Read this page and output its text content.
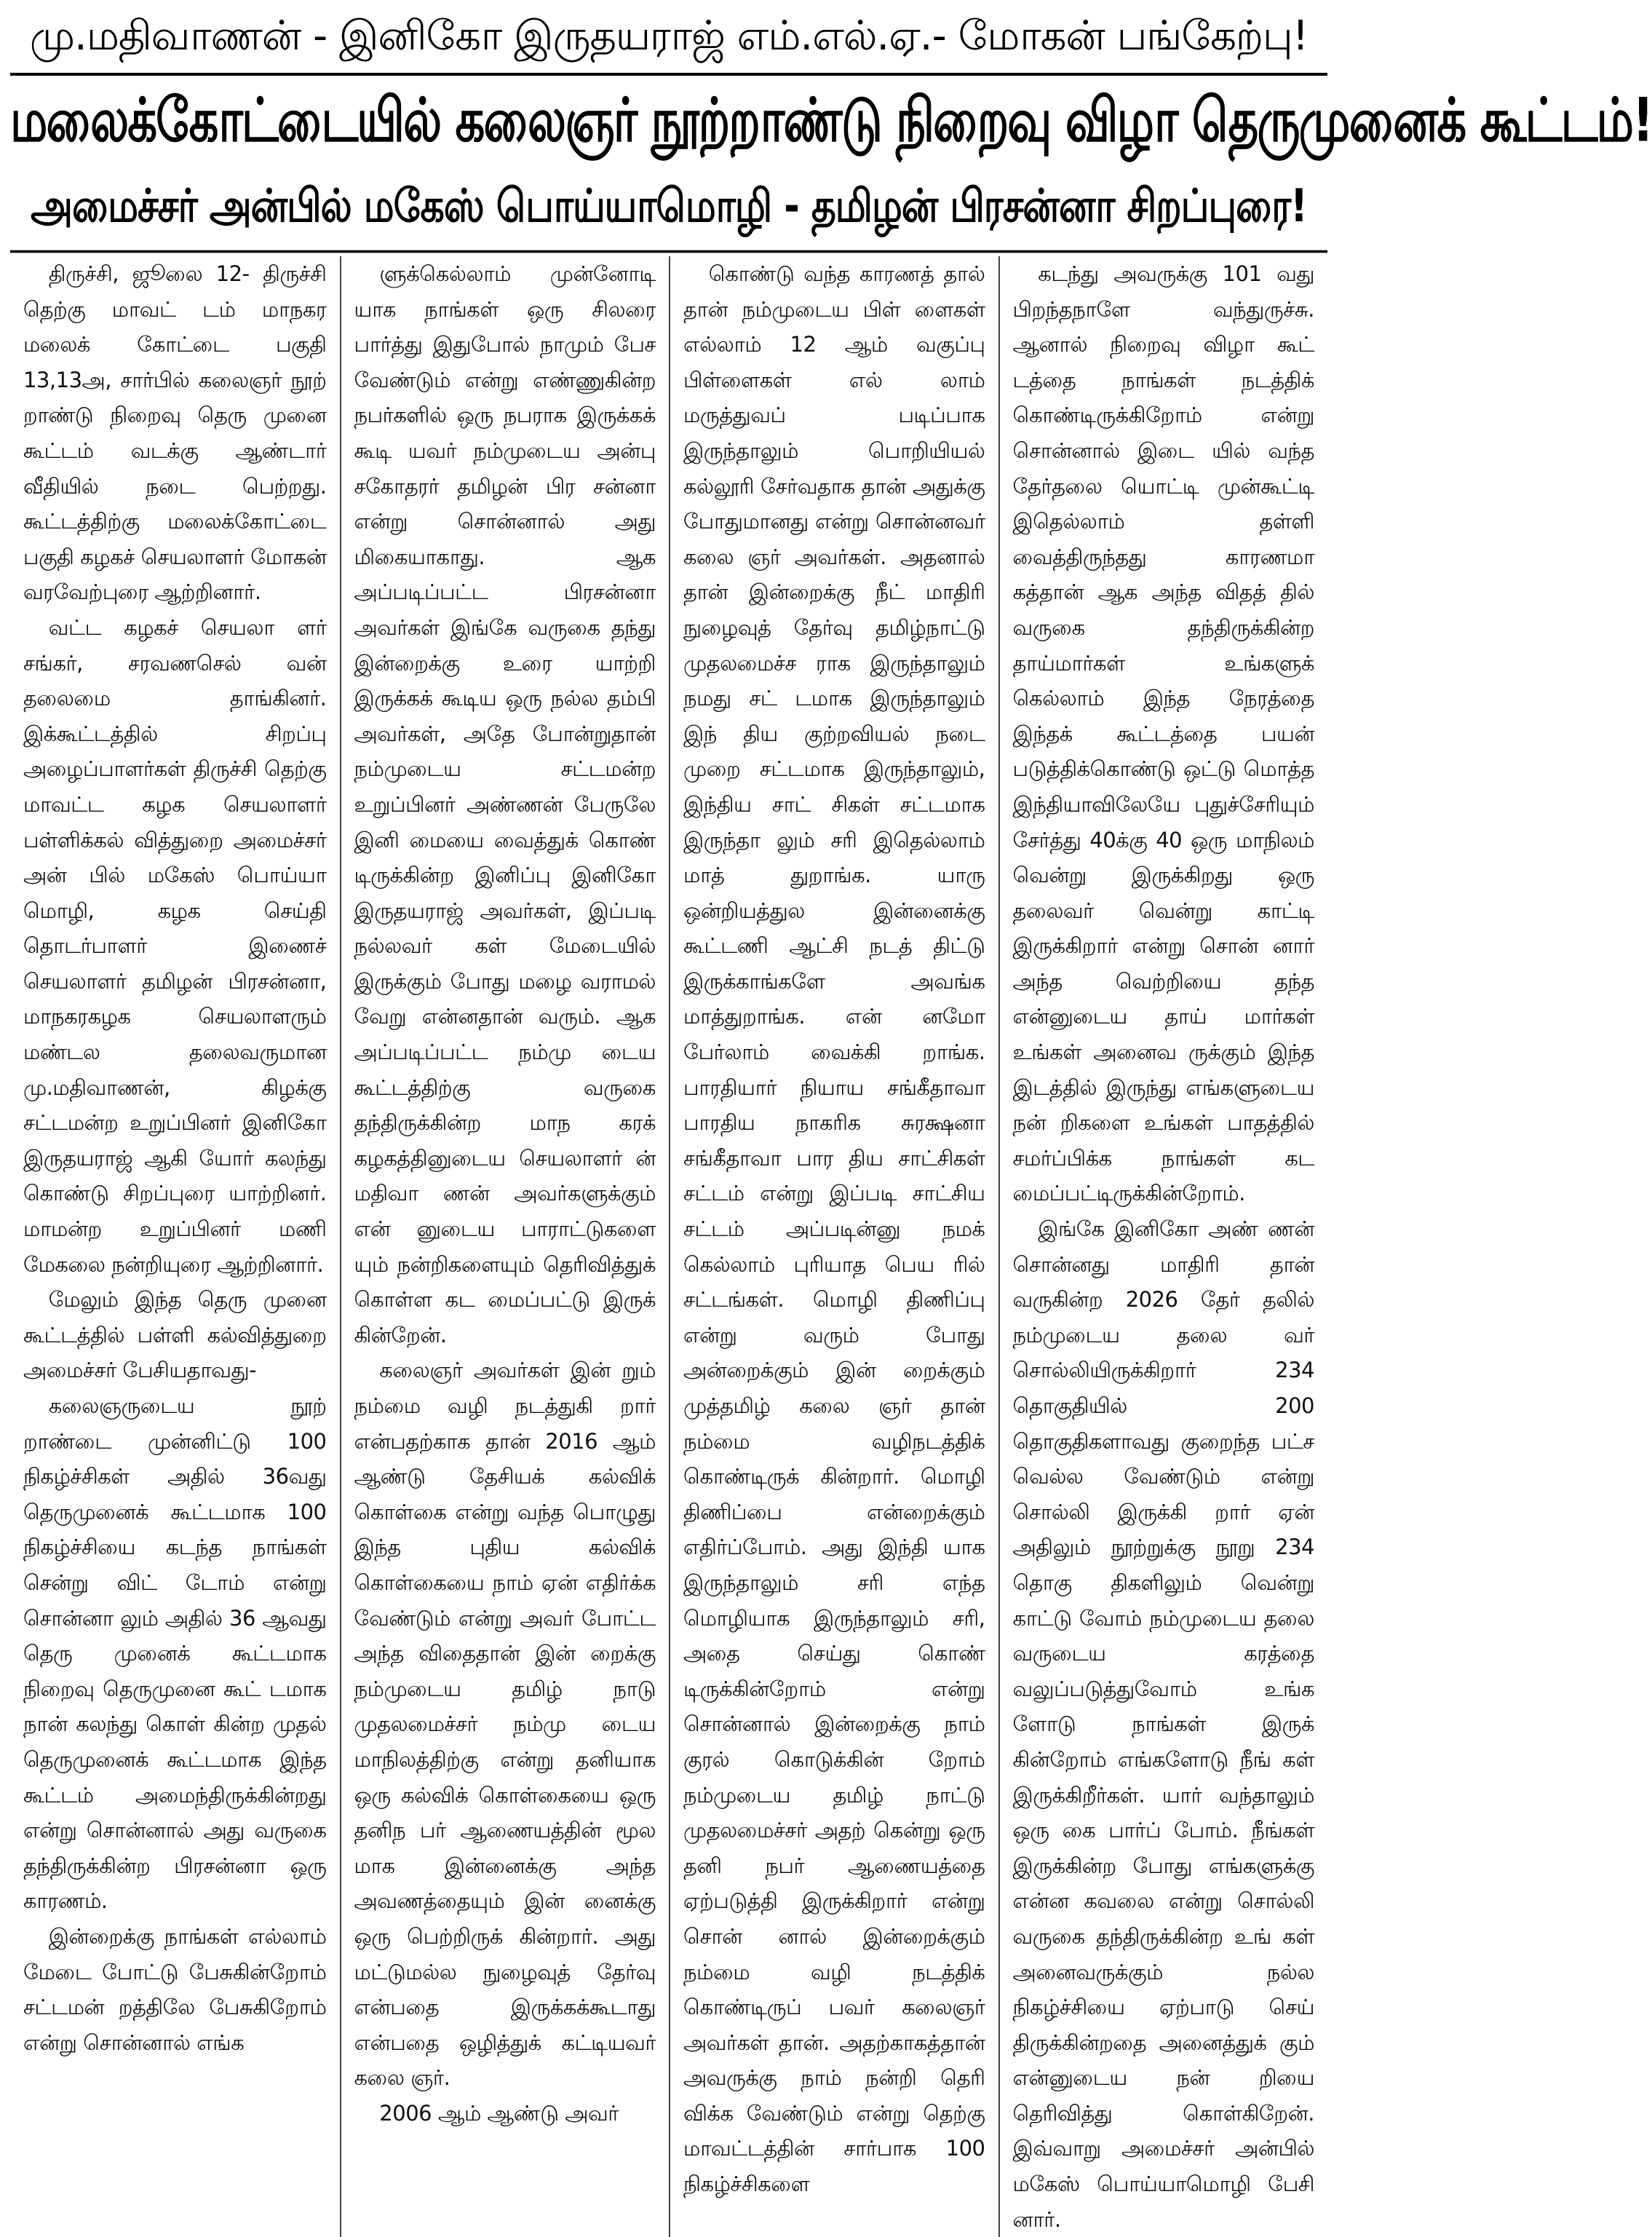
மு.மதிவாணன் - இனிகோ இருதயராஜ் எம்.எல்.ஏ.- மோகன் பங்கேற்பு!
மலைக்கோட்டையில் கலைஞர் நூற்றாண்டு நிறைவு விழா தெருமுனைக் கூட்டம்!
அமைச்சர் அன்பில் மகேஸ் பொய்யாமொழி - தமிழன் பிரசன்னா சிறப்புரை!

திருச்சி, ஜூலை 12- திருச்சி தெற்கு மாவட் டம் மாநகர மலைக் கோட்டை பகுதி 13,13அ, சார்பில் கலைஞர் நூற் றாண்டு நிறைவு தெரு முனை கூட்டம் வடக்கு ஆண்டார் வீதியில் நடை பெற்றது. கூட்டத்திற்கு மலைக்கோட்டை பகுதி கழகச் செயலாளர் மோகன் வரவேற்புரை ஆற்றினார்.

வட்ட கழகச் செயலா ளர் சங்கர், சரவணசெல் வன் தலைமை தாங்கினர். இக்கூட்டத்தில் சிறப்பு அழைப்பாளர்கள் திருச்சி தெற்கு மாவட்ட கழக செயலாளர் பள்ளிக்கல் வித்துறை அமைச்சர் அன் பில் மகேஸ் பொய்யா மொழி, கழக செய்தி தொடர்பாளர் இணைச் செயலாளர் தமிழன் பிரசன்னா, மாநகரகழக செயலாளரும் மண்டல தலைவருமான மு.மதிவாணன், கிழக்கு சட்டமன்ற உறுப்பினர் இனிகோ இருதயராஜ் ஆகி யோர் கலந்து கொண்டு சிறப்புரை யாற்றினர். மாமன்ற உறுப்பினர் மணி மேகலை நன்றியுரை ஆற்றினார்.

மேலும் இந்த தெரு முனை கூட்டத்தில் பள்ளி கல்வித்துறை அமைச்சர் பேசியதாவது-

கலைஞருடைய நூற் றாண்டை முன்னிட்டு 100 நிகழ்ச்சிகள் அதில் 36வது தெருமுனைக் கூட்டமாக 100 நிகழ்ச்சியை கடந்த நாங்கள் சென்று விட் டோம் என்று சொன்னா லும் அதில் 36 ஆவது தெரு முனைக் கூட்டமாக நிறைவு தெருமுனை கூட் டமாக நான் கலந்து கொள் கின்ற முதல் தெருமுனைக் கூட்டமாக இந்த கூட்டம் அமைந்திருக்கின்றது என்று சொன்னால் அது வருகை தந்திருக்கின்ற பிரசன்னா ஒரு காரணம்.

இன்றைக்கு நாங்கள் எல்லாம் மேடை போட்டு பேசுகின்றோம் சட்டமன் றத்திலே பேசுகிறோம் என்று சொன்னால் எங்க

ளுக்கெல்லாம் முன்னோடி யாக நாங்கள் ஒரு சிலரை பார்த்து இதுபோல் நாமும் பேச வேண்டும் என்று எண்ணுகின்ற நபர்களில் ஒரு நபராக இருக்கக் கூடி யவர் நம்முடைய அன்பு சகோதரர் தமிழன் பிர சன்னா என்று சொன்னால் அது மிகையாகாது. ஆக அப்படிப்பட்ட பிரசன்னா அவர்கள் இங்கே வருகை தந்து இன்றைக்கு உரை யாற்றி இருக்கக் கூடிய ஒரு நல்ல தம்பி அவர்கள், அதே போன்றுதான் நம்முடைய சட்டமன்ற உறுப்பினர் அண்ணன் பேருலே இனி மையை வைத்துக் கொண் டிருக்கின்ற இனிப்பு இனிகோ இருதயராஜ் அவர்கள், இப்படி நல்லவர் கள் மேடையில் இருக்கும் போது மழை வராமல் வேறு என்னதான் வரும். ஆக அப்படிப்பட்ட நம்மு டைய கூட்டத்திற்கு வருகை தந்திருக்கின்ற மாந கரக் கழகத்தினுடைய செயலாளர் ன் மதிவா ணன் அவர்களுக்கும் என் னுடைய பாராட்டுகளை யும் நன்றிகளையும் தெரிவித்துக் கொள்ள கட மைப்பட்டு இருக் கின்றேன்.

கலைஞர் அவர்கள் இன் றும் நம்மை வழி நடத்துகி றார் என்பதற்காக தான் 2016 ஆம் ஆண்டு தேசியக் கல்விக் கொள்கை என்று வந்த பொழுது இந்த புதிய கல்விக் கொள்கையை நாம் ஏன் எதிர்க்க வேண்டும் என்று அவர் போட்ட அந்த விதைதான் இன் றைக்கு நம்முடைய தமிழ் நாடு முதலமைச்சர் நம்மு டைய மாநிலத்திற்கு என்று தனியாக ஒரு கல்விக் கொள்கையை ஒரு தனிந பர் ஆணையத்தின் மூல மாக இன்னைக்கு அந்த அவணத்தையும் இன் னைக்கு ஒரு பெற்றிருக் கின்றார். அது மட்டுமல்ல நுழைவுத் தேர்வு என்பதை இருக்கக்கூடாது என்பதை ஒழித்துக் கட்டியவர் கலை ஞர்.

2006 ஆம் ஆண்டு அவர்

கொண்டு வந்த காரணத் தால் தான் நம்முடைய பிள் ளைகள் எல்லாம் 12 ஆம் வகுப்பு பிள்ளைகள் எல் லாம் மருத்துவப் படிப்பாக இருந்தாலும் பொறியியல் கல்லூரி சேர்வதாக தான் அதுக்கு போதுமானது என்று சொன்னவர் கலை ஞர் அவர்கள். அதனால் தான் இன்றைக்கு நீட் மாதிரி நுழைவுத் தேர்வு தமிழ்நாட்டு முதலமைச்ச ராக இருந்தாலும் நமது சட் டமாக இருந்தாலும் இந் திய குற்றவியல் நடை முறை சட்டமாக இருந்தாலும், இந்திய சாட் சிகள் சட்டமாக இருந்தா லும் சரி இதெல்லாம் மாத் துறாங்க. யாரு ஒன்றியத்துல இன்னைக்கு கூட்டணி ஆட்சி நடத் திட்டு இருக்காங்களே அவங்க மாத்துறாங்க. என் னமோ பேர்லாம் வைக்கி றாங்க. பாரதியார் நியாய சங்கீதாவா பாரதிய நாகரிக சுரக்ஷனா சங்கீதாவா பார திய சாட்சிகள் சட்டம் என்று இப்படி சாட்சிய சட்டம் அப்படின்னு நமக் கெல்லாம் புரியாத பெய ரில் சட்டங்கள். மொழி திணிப்பு என்று வரும் போது அன்றைக்கும் இன் றைக்கும் முத்தமிழ் கலை ஞர் தான் நம்மை வழிநடத்திக் கொண்டிருக் கின்றார். மொழி திணிப்பை என்றைக்கும் எதிர்ப்போம். அது இந்தி யாக இருந்தாலும் சரி எந்த மொழியாக இருந்தாலும் சரி, அதை செய்து கொண் டிருக்கின்றோம் என்று சொன்னால் இன்றைக்கு நாம் குரல் கொடுக்கின் றோம் நம்முடைய தமிழ் நாட்டு முதலமைச்சர் அதற் கென்று ஒரு தனி நபர் ஆணையத்தை ஏற்படுத்தி இருக்கிறார் என்று சொன் னால் இன்றைக்கும் நம்மை வழி நடத்திக் கொண்டிருப் பவர் கலைஞர் அவர்கள் தான். அதற்காகத்தான் அவருக்கு நாம் நன்றி தெரி விக்க வேண்டும் என்று தெற்கு மாவட்டத்தின் சார்பாக 100 நிகழ்ச்சிகளை

கடந்து அவருக்கு 101 வது பிறந்தநாளே வந்துருச்சு. ஆனால் நிறைவு விழா கூட் டத்தை நாங்கள் நடத்திக் கொண்டிருக்கிறோம் என்று சொன்னால் இடை யில் வந்த தேர்தலை யொட்டி முன்கூட்டி இதெல்லாம் தள்ளி வைத்திருந்தது காரணமா கத்தான் ஆக அந்த விதத் தில் வருகை தந்திருக்கின்ற தாய்மார்கள் உங்களுக் கெல்லாம் இந்த நேரத்தை இந்தக் கூட்டத்தை பயன் படுத்திக்கொண்டு ஒட்டு மொத்த இந்தியாவிலேயே புதுச்சேரியும் சேர்த்து 40க்கு 40 ஒரு மாநிலம் வென்று இருக்கிறது ஒரு தலைவர் வென்று காட்டி இருக்கிறார் என்று சொன் னார் அந்த வெற்றியை தந்த என்னுடைய தாய் மார்கள் உங்கள் அனைவ ருக்கும் இந்த இடத்தில் இருந்து எங்களுடைய நன் றிகளை உங்கள் பாதத்தில் சமர்ப்பிக்க நாங்கள் கட மைப்பட்டிருக்கின்றோம்.

இங்கே இனிகோ அண் ணன் சொன்னது மாதிரி தான் வருகின்ற 2026 தேர் தலில் நம்முடைய தலை வர் சொல்லியிருக்கிறார் 234 தொகுதியில் 200 தொகுதிகளாவது குறைந்த பட்ச வெல்ல வேண்டும் என்று சொல்லி இருக்கி றார் ஏன் அதிலும் நூற்றுக்கு நூறு 234 தொகு திகளிலும் வென்று காட்டு வோம் நம்முடைய தலை வருடைய கரத்தை வலுப்படுத்துவோம் உங்க ளோடு நாங்கள் இருக் கின்றோம் எங்களோடு நீங் கள் இருக்கிறீர்கள். யார் வந்தாலும் ஒரு கை பார்ப் போம். நீங்கள் இருக்கின்ற போது எங்களுக்கு என்ன கவலை என்று சொல்லி வருகை தந்திருக்கின்ற உங் கள் அனைவருக்கும் நல்ல நிகழ்ச்சியை ஏற்பாடு செய் திருக்கின்றதை அனைத்துக் கும் என்னுடைய நன் றியை தெரிவித்து கொள்கிறேன். இவ்வாறு அமைச்சர் அன்பில் மகேஸ் பொய்யாமொழி பேசி னார்.
